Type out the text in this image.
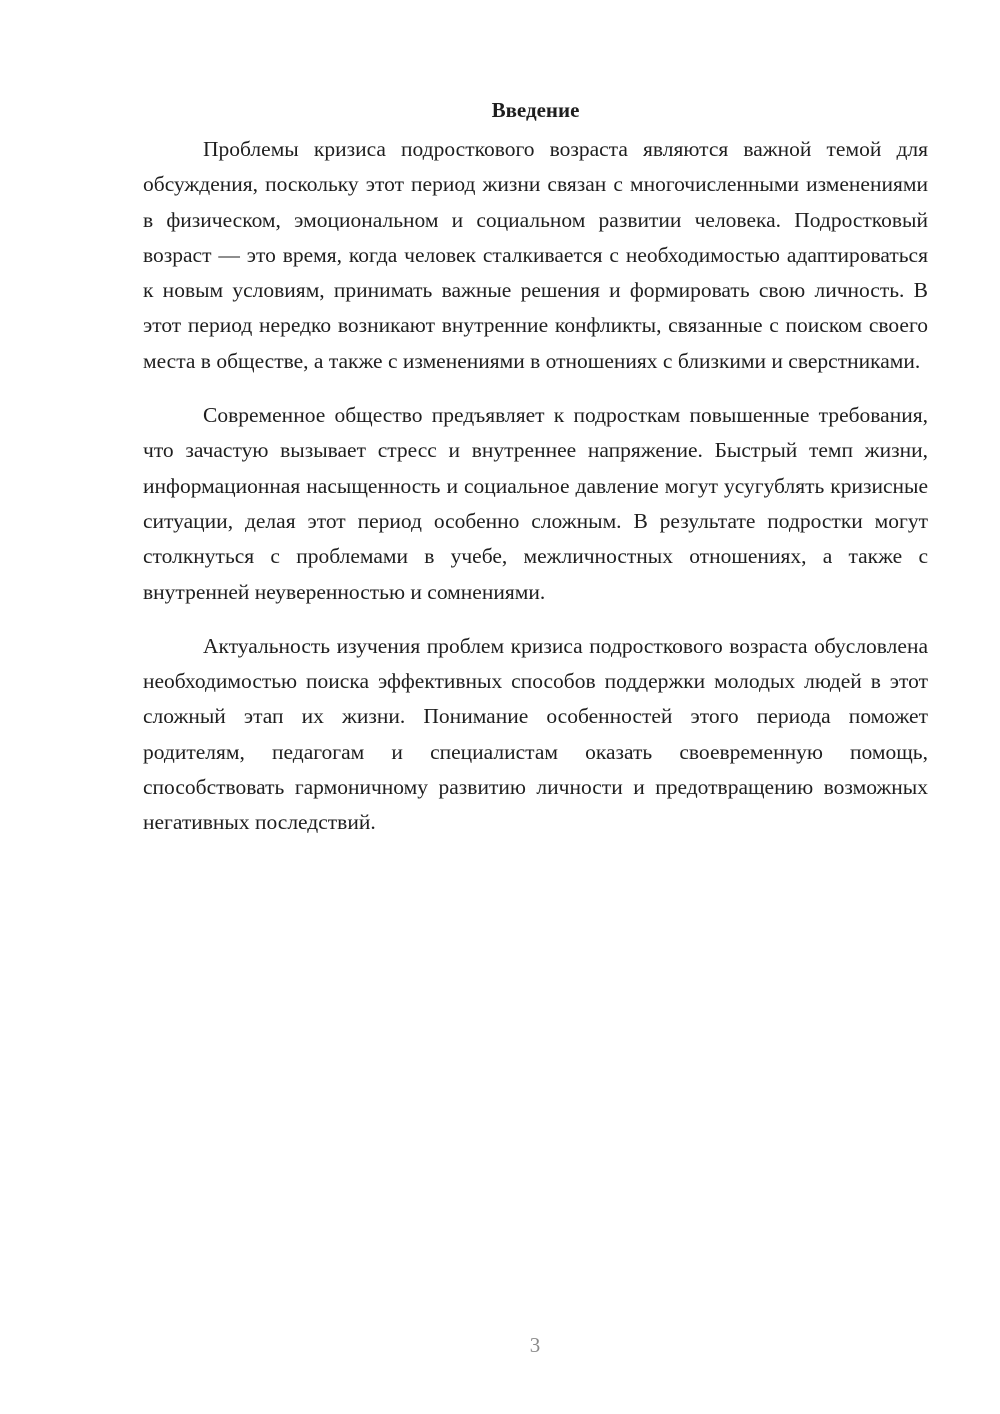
Введение

Проблемы кризиса подросткового возраста являются важной темой для обсуждения, поскольку этот период жизни связан с многочисленными изменениями в физическом, эмоциональном и социальном развитии человека. Подростковый возраст — это время, когда человек сталкивается с необходимостью адаптироваться к новым условиям, принимать важные решения и формировать свою личность. В этот период нередко возникают внутренние конфликты, связанные с поиском своего места в обществе, а также с изменениями в отношениях с близкими и сверстниками.

Современное общество предъявляет к подросткам повышенные требования, что зачастую вызывает стресс и внутреннее напряжение. Быстрый темп жизни, информационная насыщенность и социальное давление могут усугублять кризисные ситуации, делая этот период особенно сложным. В результате подростки могут столкнуться с проблемами в учебе, межличностных отношениях, а также с внутренней неуверенностью и сомнениями.

Актуальность изучения проблем кризиса подросткового возраста обусловлена необходимостью поиска эффективных способов поддержки молодых людей в этот сложный этап их жизни. Понимание особенностей этого периода поможет родителям, педагогам и специалистам оказать своевременную помощь, способствовать гармоничному развитию личности и предотвращению возможных негативных последствий.

3
